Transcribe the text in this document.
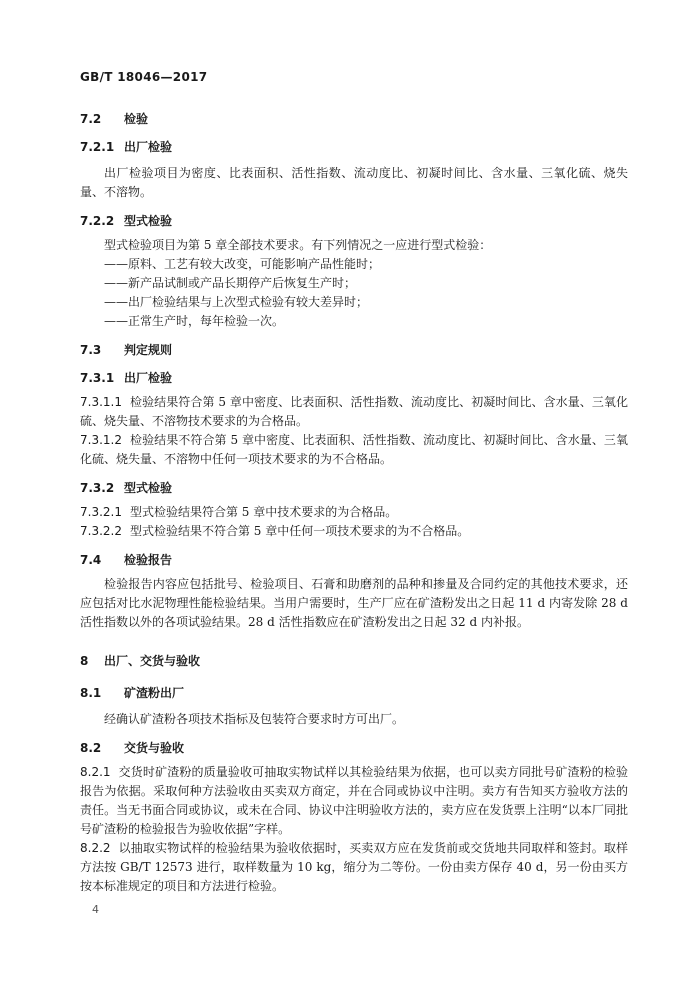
GB/T 18046—2017
7.2 检验
7.2.1 出厂检验
出厂检验项目为密度、比表面积、活性指数、流动度比、初凝时间比、含水量、三氧化硫、烧失量、不溶物。
7.2.2 型式检验
型式检验项目为第 5 章全部技术要求。有下列情况之一应进行型式检验：
——原料、工艺有较大改变，可能影响产品性能时；
——新产品试制或产品长期停产后恢复生产时；
——出厂检验结果与上次型式检验有较大差异时；
——正常生产时，每年检验一次。
7.3 判定规则
7.3.1 出厂检验
7.3.1.1 检验结果符合第 5 章中密度、比表面积、活性指数、流动度比、初凝时间比、含水量、三氧化硫、烧失量、不溶物技术要求的为合格品。
7.3.1.2 检验结果不符合第 5 章中密度、比表面积、活性指数、流动度比、初凝时间比、含水量、三氧化硫、烧失量、不溶物中任何一项技术要求的为不合格品。
7.3.2 型式检验
7.3.2.1 型式检验结果符合第 5 章中技术要求的为合格品。
7.3.2.2 型式检验结果不符合第 5 章中任何一项技术要求的为不合格品。
7.4 检验报告
检验报告内容应包括批号、检验项目、石膏和助磨剂的品种和掺量及合同约定的其他技术要求，还应包括对比水泥物理性能检验结果。当用户需要时，生产厂应在矿渣粉发出之日起 11 d 内寄发除 28 d 活性指数以外的各项试验结果。28 d 活性指数应在矿渣粉发出之日起 32 d 内补报。
8 出厂、交货与验收
8.1 矿渣粉出厂
经确认矿渣粉各项技术指标及包装符合要求时方可出厂。
8.2 交货与验收
8.2.1 交货时矿渣粉的质量验收可抽取实物试样以其检验结果为依据，也可以卖方同批号矿渣粉的检验报告为依据。采取何种方法验收由买卖双方商定，并在合同或协议中注明。卖方有告知买方验收方法的责任。当无书面合同或协议，或未在合同、协议中注明验收方法的，卖方应在发货票上注明“以本厂同批号矿渣粉的检验报告为验收依据”字样。
8.2.2 以抽取实物试样的检验结果为验收依据时，买卖双方应在发货前或交货地共同取样和签封。取样方法按 GB/T 12573 进行，取样数量为 10 kg，缩分为二等份。一份由卖方保存 40 d，另一份由买方按本标准规定的项目和方法进行检验。
4
